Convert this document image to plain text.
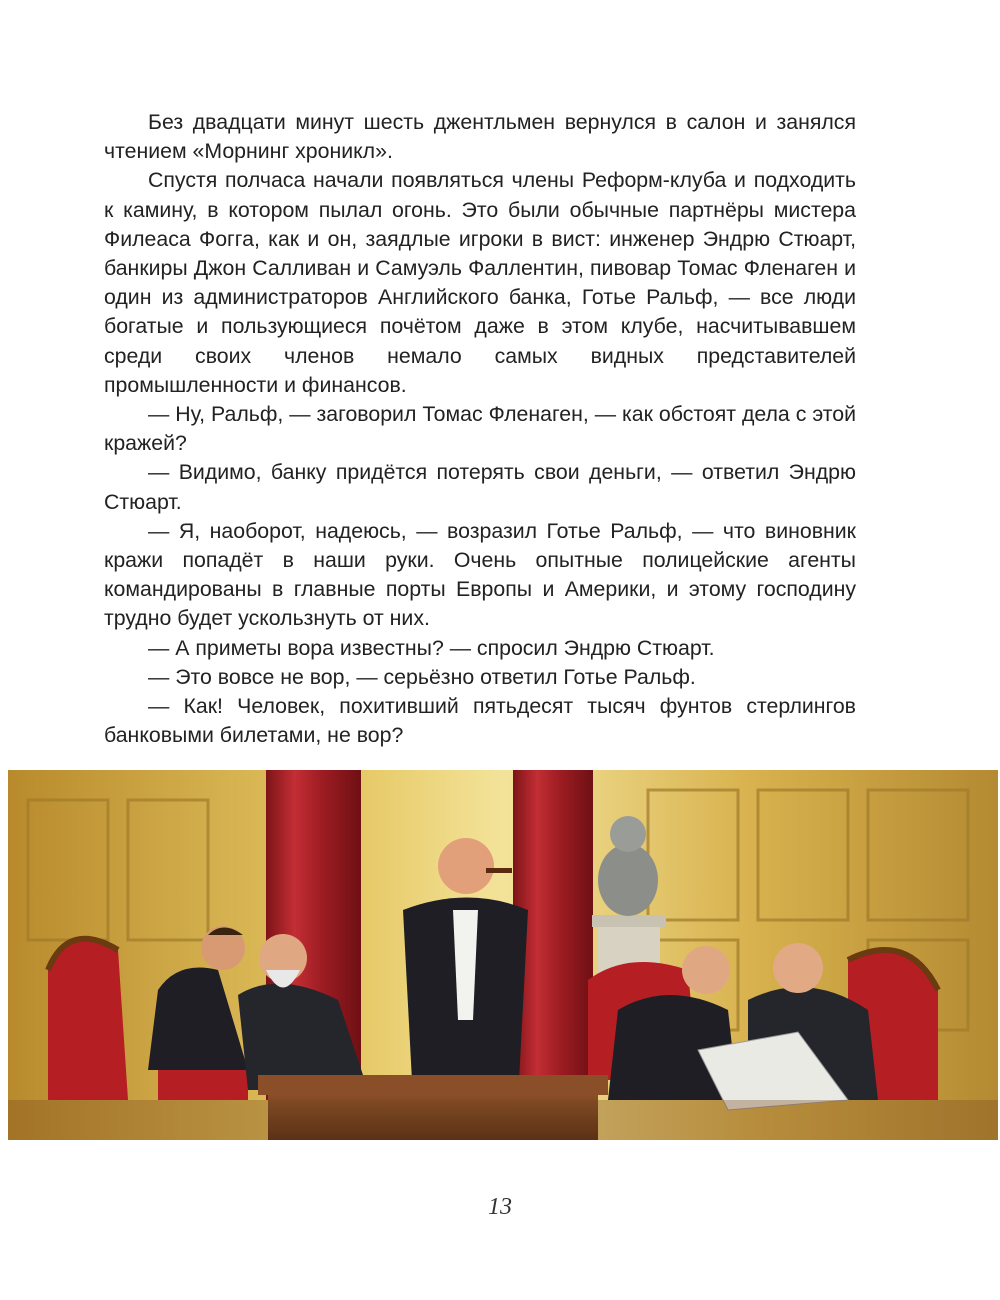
Без двадцати минут шесть джентльмен вернулся в салон и занялся чтением «Морнинг хроникл».

Спустя полчаса начали появляться члены Реформ-клуба и подходить к камину, в котором пылал огонь. Это были обычные партнёры мистера Филеаса Фогга, как и он, заядлые игроки в вист: инженер Эндрю Стюарт, банкиры Джон Салливан и Самуэль Фаллентин, пивовар Томас Фленаген и один из администраторов Английского банка, Готье Ральф, — все люди богатые и пользующиеся почётом даже в этом клубе, насчитывавшем среди своих членов немало самых видных представителей промышленности и финансов.

— Ну, Ральф, — заговорил Томас Фленаген, — как обстоят дела с этой кражей?

— Видимо, банку придётся потерять свои деньги, — ответил Эндрю Стюарт.

— Я, наоборот, надеюсь, — возразил Готье Ральф, — что виновник кражи попадёт в наши руки. Очень опытные полицейские агенты командированы в главные порты Европы и Америки, и этому господину трудно будет ускользнуть от них.

— А приметы вора известны? — спросил Эндрю Стюарт.

— Это вовсе не вор, — серьёзно ответил Готье Ральф.

— Как! Человек, похитивший пятьдесят тысяч фунтов стерлингов банковыми билетами, не вор?

13
